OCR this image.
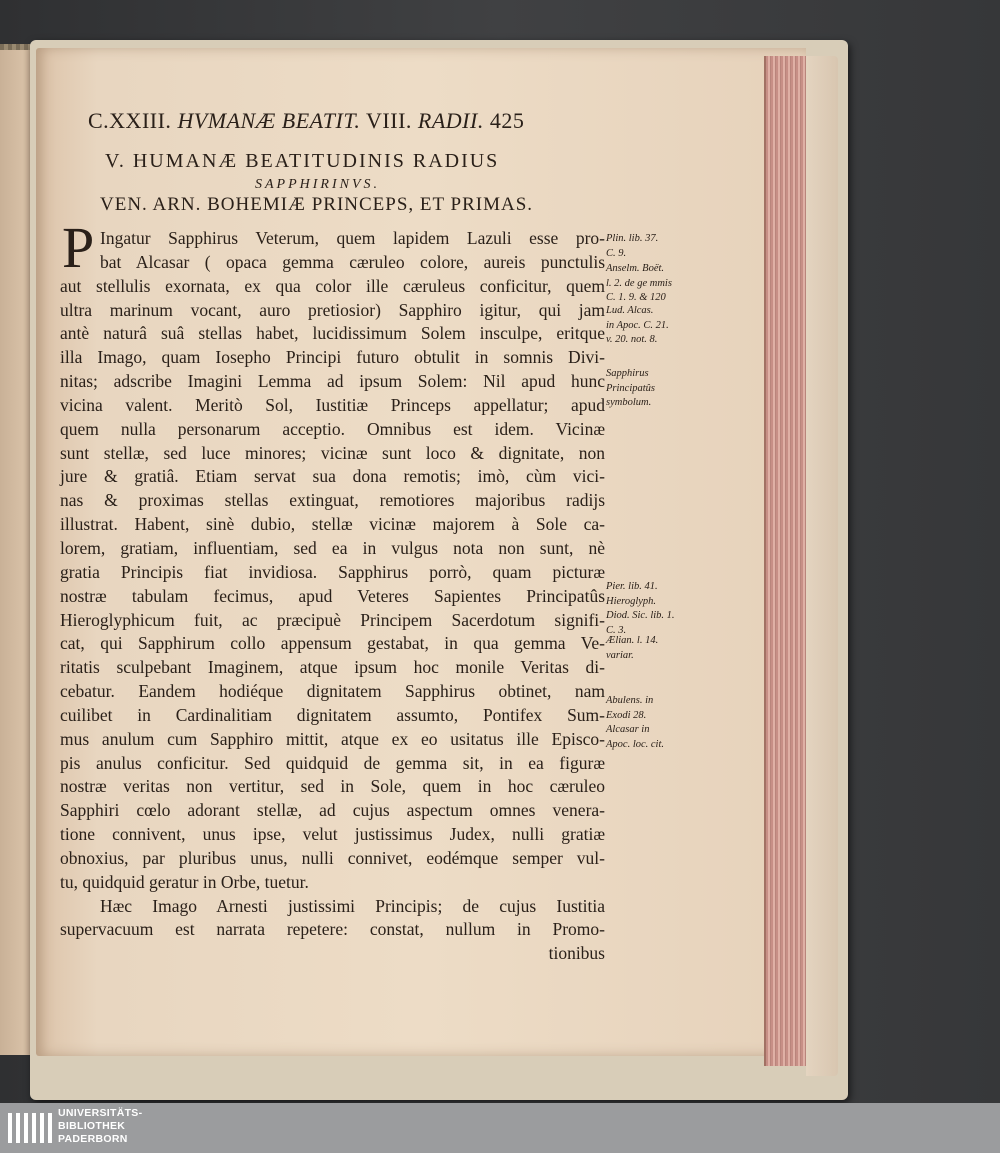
C.XXIII. HVMANÆ BEATIT. VIII. RADII. 425
V. HUMANÆ BEATITUDINIS RADIUS
SAPPHIRINVS.
VEN. ARN. BOHEMIÆ PRINCEPS, ET PRIMAS.
P Ingatur Sapphirus Veterum, quem lapidem Lazuli esse pro-
bat Alcasar ( opaca gemma cæruleo colore, aureis punctulis
aut stellulis exornata, ex qua color ille cæruleus conficitur, quem
ultra marinum vocant, auro pretiosior) Sapphiro igitur, qui jam
antè naturâ suâ stellas habet, lucidissimum Solem insculpe, eritque
illa Imago, quam Iosepho Principi futuro obtulit in somnis Divi-
nitas; adscribe Imagini Lemma ad ipsum Solem: Nil apud hunc
vicina valent. Meritò Sol, Iustitiæ Princeps appellatur; apud
quem nulla personarum acceptio. Omnibus est idem. Vicinæ
sunt stellæ, sed luce minores; vicinæ sunt loco & dignitate, non
jure & gratiâ. Etiam servat sua dona remotis; imò, cùm vici-
nas & proximas stellas extinguat, remotiores majoribus radijs
illustrat. Habent, sinè dubio, stellæ vicinæ majorem à Sole ca-
lorem, gratiam, influentiam, sed ea in vulgus nota non sunt, nè
gratia Principis fiat invidiosa. Sapphirus porrò, quam picturæ
nostræ tabulam fecimus, apud Veteres Sapientes Principatûs
Hieroglyphicum fuit, ac præcipuè Principem Sacerdotum signifi-
cat, qui Sapphirum collo appensum gestabat, in qua gemma Ve-
ritatis sculpebant Imaginem, atque ipsum hoc monile Veritas di-
cebatur. Eandem hodiéque dignitatem Sapphirus obtinet, nam
cuilibet in Cardinalitiam dignitatem assumto, Pontifex Sum-
mus anulum cum Sapphiro mittit, atque ex eo usitatus ille Episco-
pis anulus conficitur. Sed quidquid de gemma sit, in ea figuræ
nostræ veritas non vertitur, sed in Sole, quem in hoc cæruleo
Sapphiri cœlo adorant stellæ, ad cujus aspectum omnes venera-
tione connivent, unus ipse, velut justissimus Judex, nulli gratiæ
obnoxius, par pluribus unus, nulli connivet, eodémque semper vul-
tu, quidquid geratur in Orbe, tuetur.
Hæc Imago Arnesti justissimi Principis; de cujus Iustitia
supervacuum est narrata repetere: constat, nullum in Promo-
tionibus
Plin. lib. 37.
C. 9.
Anselm. Boët.
l. 2. de ge mmis
C. 1. 9. & 120
Lud. Alcas.
in Apoc. C. 21.
v. 20. not. 8.
Sapphirus
Principatûs
symbolum.
Pier. lib. 41.
Hieroglyph.
Diod. Sic. lib. 1.
C. 3.
Ælian. l. 14.
variar.
Abulens. in
Exodi 28.
Alcasar in
Apoc. loc. cit.
UNIVERSITÄTS-
BIBLIOTHEK
PADERBORN
